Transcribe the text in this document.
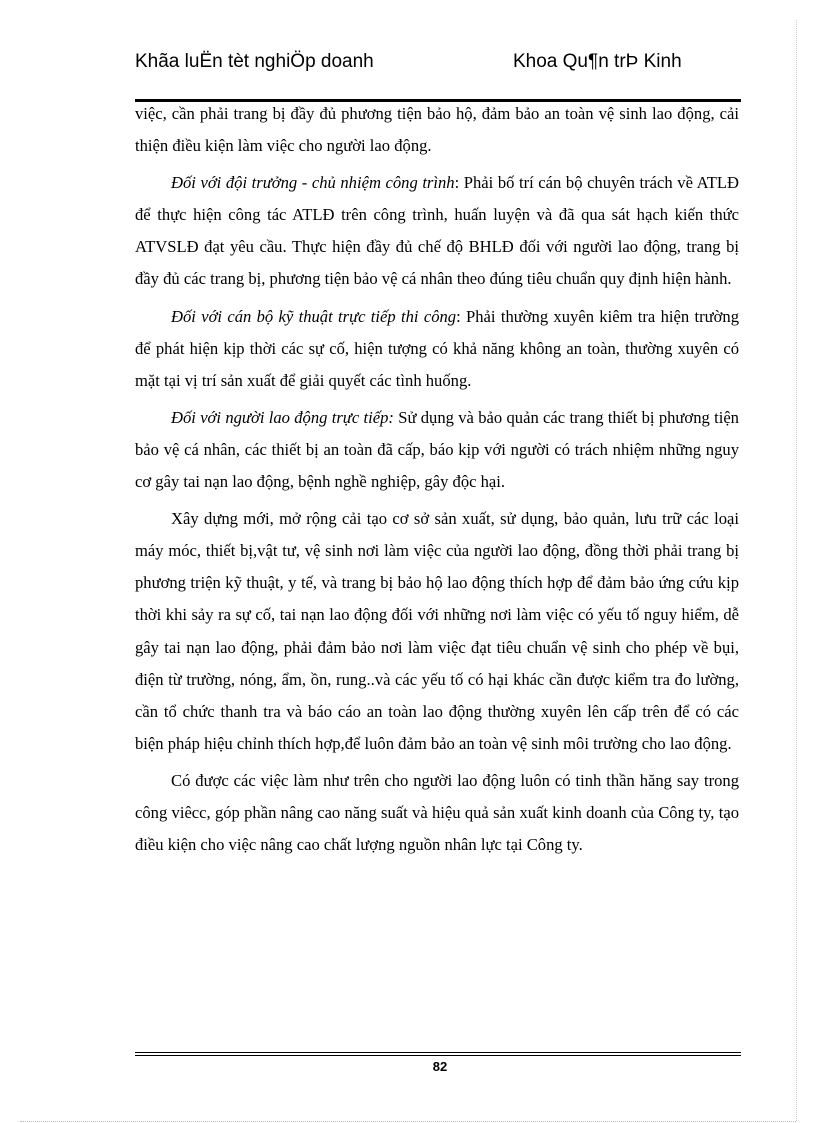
Khãa luËn tèt nghiÖp doanh	Khoa Qu¶n trÞ Kinh

việc, cần phải trang bị đầy đủ phương tiện bảo hộ, đảm bảo an toàn vệ sinh lao động, cải thiện điều kiện làm việc cho người lao động.

Đối với đội trưởng - chủ nhiệm công trình: Phải bố trí cán bộ chuyên trách về ATLĐ để thực hiện công tác ATLĐ trên công trình, huấn luyện và đã qua sát hạch kiến thức ATVSLĐ đạt yêu cầu. Thực hiện đầy đủ chế độ BHLĐ đối với người lao động, trang bị đầy đủ các trang bị, phương tiện bảo vệ cá nhân theo đúng tiêu chuẩn quy định hiện hành.

Đối với cán bộ kỹ thuật trực tiếp thi công: Phải thường xuyên kiêm tra hiện trường để phát hiện kịp thời các sự cố, hiện tượng có khả năng không an toàn, thường xuyên có mặt tại vị trí sản xuất để giải quyết các tình huống.

Đối với người lao động trực tiếp: Sử dụng và bảo quản các trang thiết bị phương tiện bảo vệ cá nhân, các thiết bị an toàn đã cấp, báo kịp với người có trách nhiệm những nguy cơ gây tai nạn lao động, bệnh nghề nghiệp, gây độc hại.

Xây dựng mới, mở rộng cải tạo cơ sở sản xuất, sử dụng, bảo quản, lưu trữ các loại máy móc, thiết bị,vật tư, vệ sinh nơi làm việc của người lao động, đồng thời phải trang bị phương triện kỹ thuật, y tế, và trang bị bảo hộ lao động thích hợp để đảm bảo ứng cứu kịp thời khi sảy ra sự cố, tai nạn lao động đối với những nơi làm việc có yếu tố nguy hiểm, dễ gây tai nạn lao động, phải đảm bảo nơi làm việc đạt tiêu chuẩn vệ sinh cho phép về bụi, điện từ trường, nóng, ẩm, ồn, rung..và các yếu tố có hại khác cần được kiểm tra đo lường, cần tổ chức thanh tra và báo cáo an toàn lao động thường xuyên lên cấp trên để có các biện pháp hiệu chỉnh thích hợp,để luôn đảm bảo an toàn vệ sinh môi trường cho lao động.

Có được các việc làm như trên cho người lao động luôn có tinh thần hăng say trong công viêcc, góp phần nâng cao năng suất và hiệu quả sản xuất kinh doanh của Công ty, tạo điều kiện cho việc nâng cao chất lượng nguồn nhân lực tại Công ty.

82
